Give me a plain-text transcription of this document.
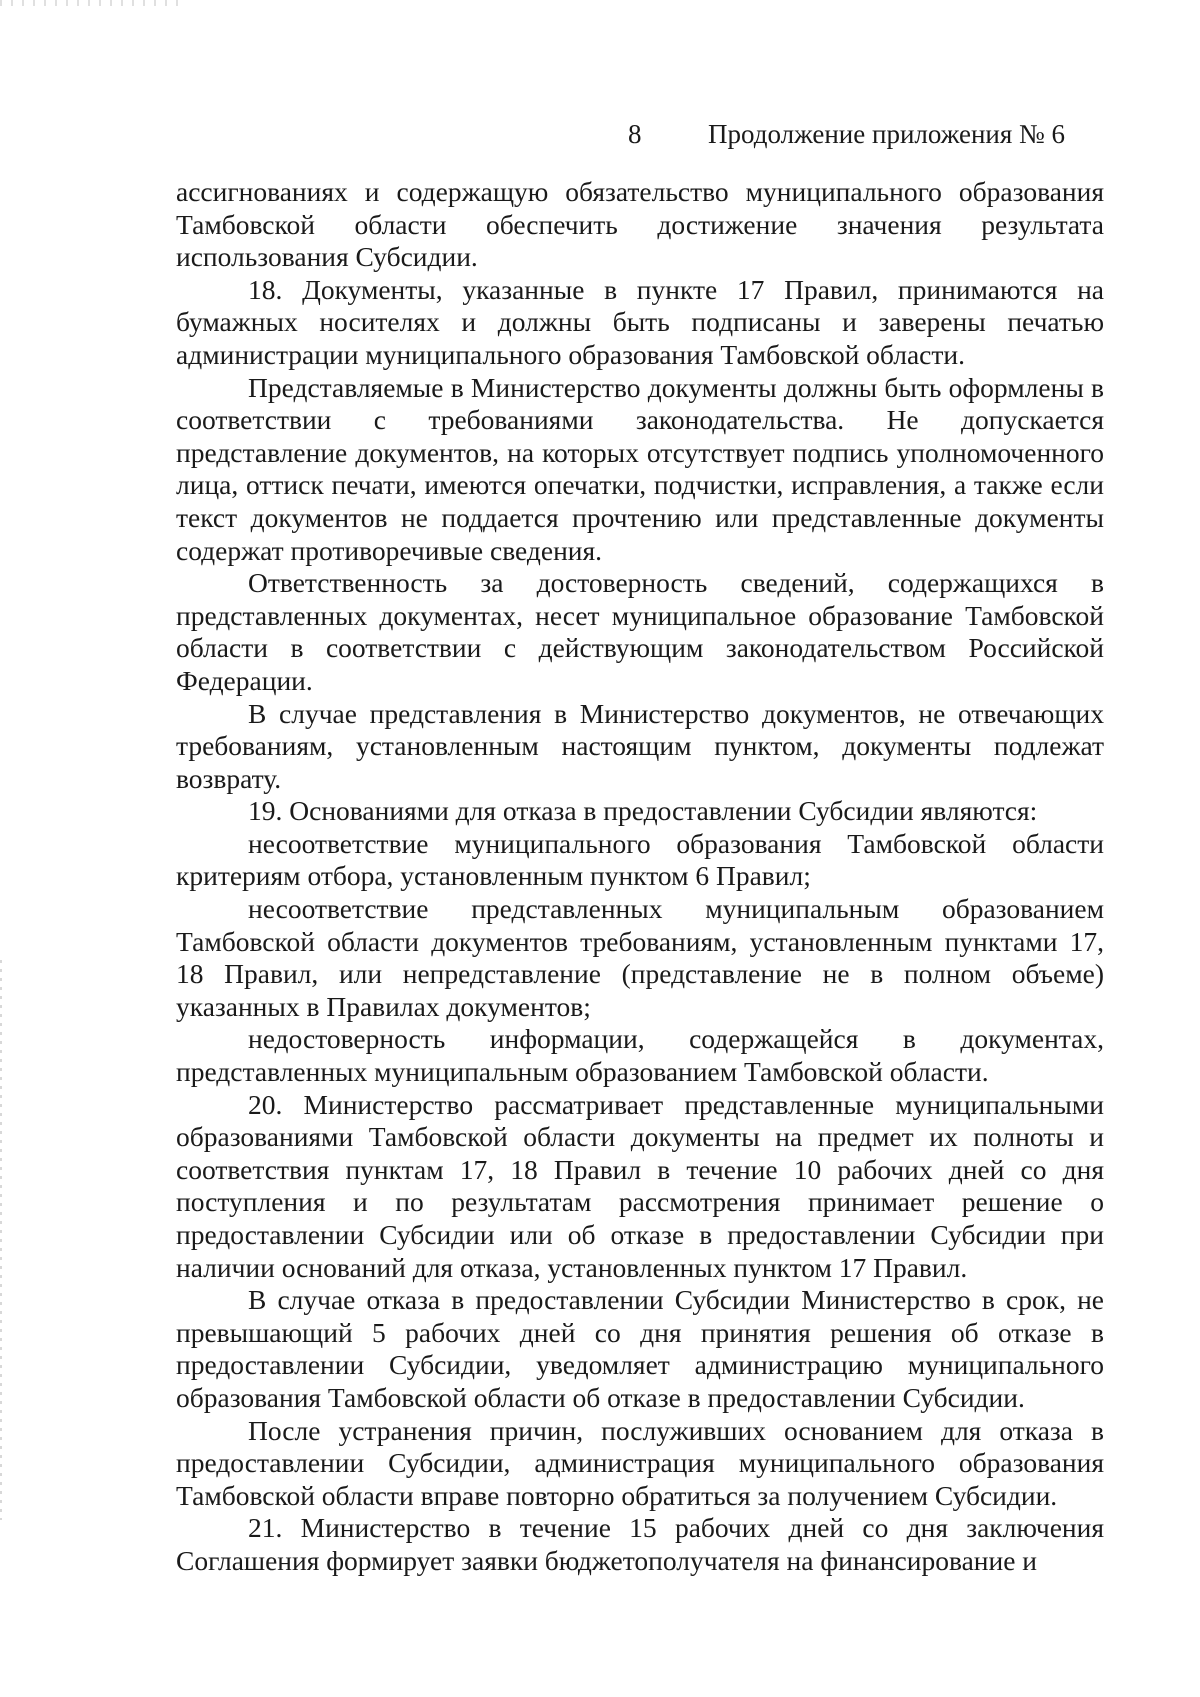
8 Продолжение приложения № 6

ассигнованиях и содержащую обязательство муниципального образования Тамбовской области обеспечить достижение значения результата использования Субсидии.

18. Документы, указанные в пункте 17 Правил, принимаются на бумажных носителях и должны быть подписаны и заверены печатью администрации муниципального образования Тамбовской области.

Представляемые в Министерство документы должны быть оформлены в соответствии с требованиями законодательства. Не допускается представление документов, на которых отсутствует подпись уполномоченного лица, оттиск печати, имеются опечатки, подчистки, исправления, а также если текст документов не поддается прочтению или представленные документы содержат противоречивые сведения.

Ответственность за достоверность сведений, содержащихся в представленных документах, несет муниципальное образование Тамбовской области в соответствии с действующим законодательством Российской Федерации.

В случае представления в Министерство документов, не отвечающих требованиям, установленным настоящим пунктом, документы подлежат возврату.

19. Основаниями для отказа в предоставлении Субсидии являются:

несоответствие муниципального образования Тамбовской области критериям отбора, установленным пунктом 6 Правил;

несоответствие представленных муниципальным образованием Тамбовской области документов требованиям, установленным пунктами 17, 18 Правил, или непредставление (представление не в полном объеме) указанных в Правилах документов;

недостоверность информации, содержащейся в документах, представленных муниципальным образованием Тамбовской области.

20. Министерство рассматривает представленные муниципальными образованиями Тамбовской области документы на предмет их полноты и соответствия пунктам 17, 18 Правил в течение 10 рабочих дней со дня поступления и по результатам рассмотрения принимает решение о предоставлении Субсидии или об отказе в предоставлении Субсидии при наличии оснований для отказа, установленных пунктом 17 Правил.

В случае отказа в предоставлении Субсидии Министерство в срок, не превышающий 5 рабочих дней со дня принятия решения об отказе в предоставлении Субсидии, уведомляет администрацию муниципального образования Тамбовской области об отказе в предоставлении Субсидии.

После устранения причин, послуживших основанием для отказа в предоставлении Субсидии, администрация муниципального образования Тамбовской области вправе повторно обратиться за получением Субсидии.

21. Министерство в течение 15 рабочих дней со дня заключения Соглашения формирует заявки бюджетополучателя на финансирование и
